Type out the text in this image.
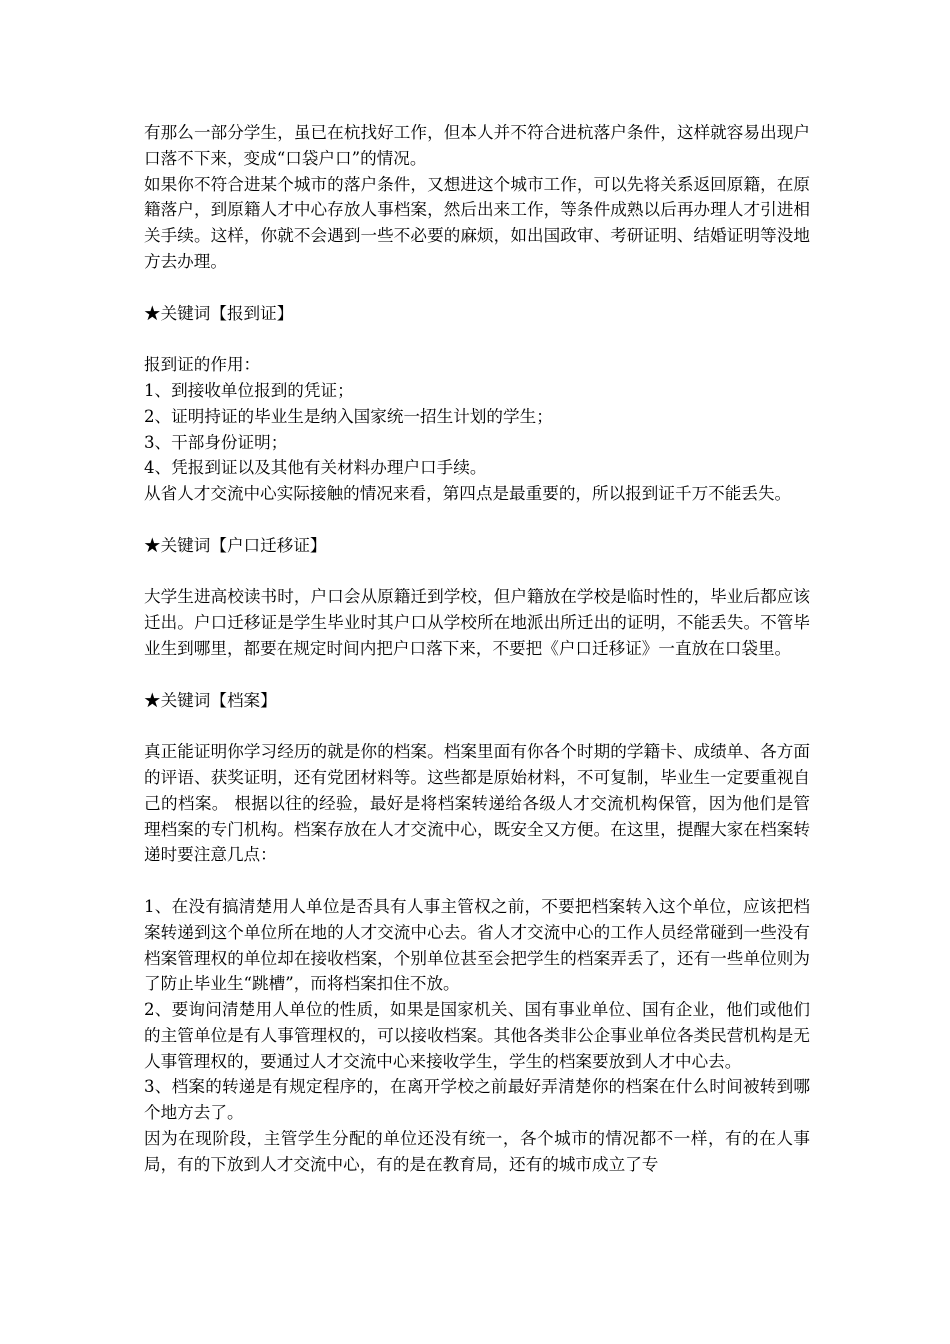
有那么一部分学生，虽已在杭找好工作，但本人并不符合进杭落户条件，这样就容易出现户口落不下来，变成“口袋户口”的情况。

如果你不符合进某个城市的落户条件，又想进这个城市工作，可以先将关系返回原籍，在原籍落户，到原籍人才中心存放人事档案，然后出来工作，等条件成熟以后再办理人才引进相关手续。这样，你就不会遇到一些不必要的麻烦，如出国政审、考研证明、结婚证明等没地方去办理。

★关键词【报到证】

报到证的作用：

1、到接收单位报到的凭证；

2、证明持证的毕业生是纳入国家统一招生计划的学生；

3、干部身份证明；

4、凭报到证以及其他有关材料办理户口手续。

从省人才交流中心实际接触的情况来看，第四点是最重要的，所以报到证千万不能丢失。

★关键词【户口迁移证】

大学生进高校读书时，户口会从原籍迁到学校，但户籍放在学校是临时性的，毕业后都应该迁出。户口迁移证是学生毕业时其户口从学校所在地派出所迁出的证明，不能丢失。不管毕业生到哪里，都要在规定时间内把户口落下来，不要把《户口迁移证》一直放在口袋里。

★关键词【档案】

真正能证明你学习经历的就是你的档案。档案里面有你各个时期的学籍卡、成绩单、各方面的评语、获奖证明，还有党团材料等。这些都是原始材料，不可复制，毕业生一定要重视自己的档案。 根据以往的经验，最好是将档案转递给各级人才交流机构保管，因为他们是管理档案的专门机构。档案存放在人才交流中心，既安全又方便。在这里，提醒大家在档案转递时要注意几点：

1、在没有搞清楚用人单位是否具有人事主管权之前，不要把档案转入这个单位，应该把档案转递到这个单位所在地的人才交流中心去。省人才交流中心的工作人员经常碰到一些没有档案管理权的单位却在接收档案，个别单位甚至会把学生的档案弄丢了，还有一些单位则为了防止毕业生“跳槽”，而将档案扣住不放。

2、要询问清楚用人单位的性质，如果是国家机关、国有事业单位、国有企业，他们或他们的主管单位是有人事管理权的，可以接收档案。其他各类非公企事业单位各类民营机构是无人事管理权的，要通过人才交流中心来接收学生，学生的档案要放到人才中心去。

3、档案的转递是有规定程序的，在离开学校之前最好弄清楚你的档案在什么时间被转到哪个地方去了。

因为在现阶段，主管学生分配的单位还没有统一，各个城市的情况都不一样，有的在人事局，有的下放到人才交流中心，有的是在教育局，还有的城市成立了专
